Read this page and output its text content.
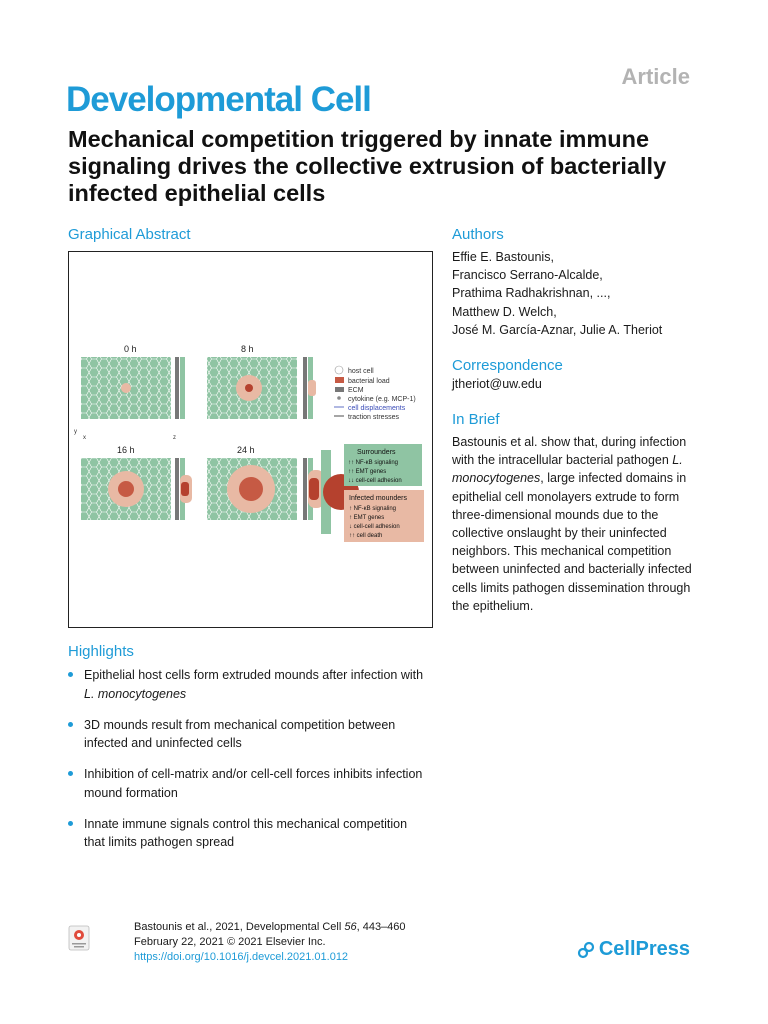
Article
Developmental Cell
Mechanical competition triggered by innate immune signaling drives the collective extrusion of bacterially infected epithelial cells
Graphical Abstract
0 h	8 h
16 h	24 h
host cell
bacterial load
ECM
cytokine (e.g. MCP-1)
cell displacements
traction stresses
y
x	z
Surrounders
↑↑ NF-κB signaling
↑↑ EMT genes
↓↓ cell-cell adhesion
Infected mounders
↑ NF-κB signaling
↑ EMT genes
↓ cell-cell adhesion
↑↑ cell death
Authors
Effie E. Bastounis,
Francisco Serrano-Alcalde,
Prathima Radhakrishnan, ...,
Matthew D. Welch,
José M. García-Aznar, Julie A. Theriot
Correspondence
jtheriot@uw.edu
In Brief
Bastounis et al. show that, during infection with the intracellular bacterial pathogen L. monocytogenes, large infected domains in epithelial cell monolayers extrude to form three-dimensional mounds due to the collective onslaught by their uninfected neighbors. This mechanical competition between uninfected and bacterially infected cells limits pathogen dissemination through the epithelium.
Highlights
Epithelial host cells form extruded mounds after infection with L. monocytogenes
3D mounds result from mechanical competition between infected and uninfected cells
Inhibition of cell-matrix and/or cell-cell forces inhibits infection mound formation
Innate immune signals control this mechanical competition that limits pathogen spread
Bastounis et al., 2021, Developmental Cell 56, 443–460
February 22, 2021 © 2021 Elsevier Inc.
https://doi.org/10.1016/j.devcel.2021.01.012	CellPress
